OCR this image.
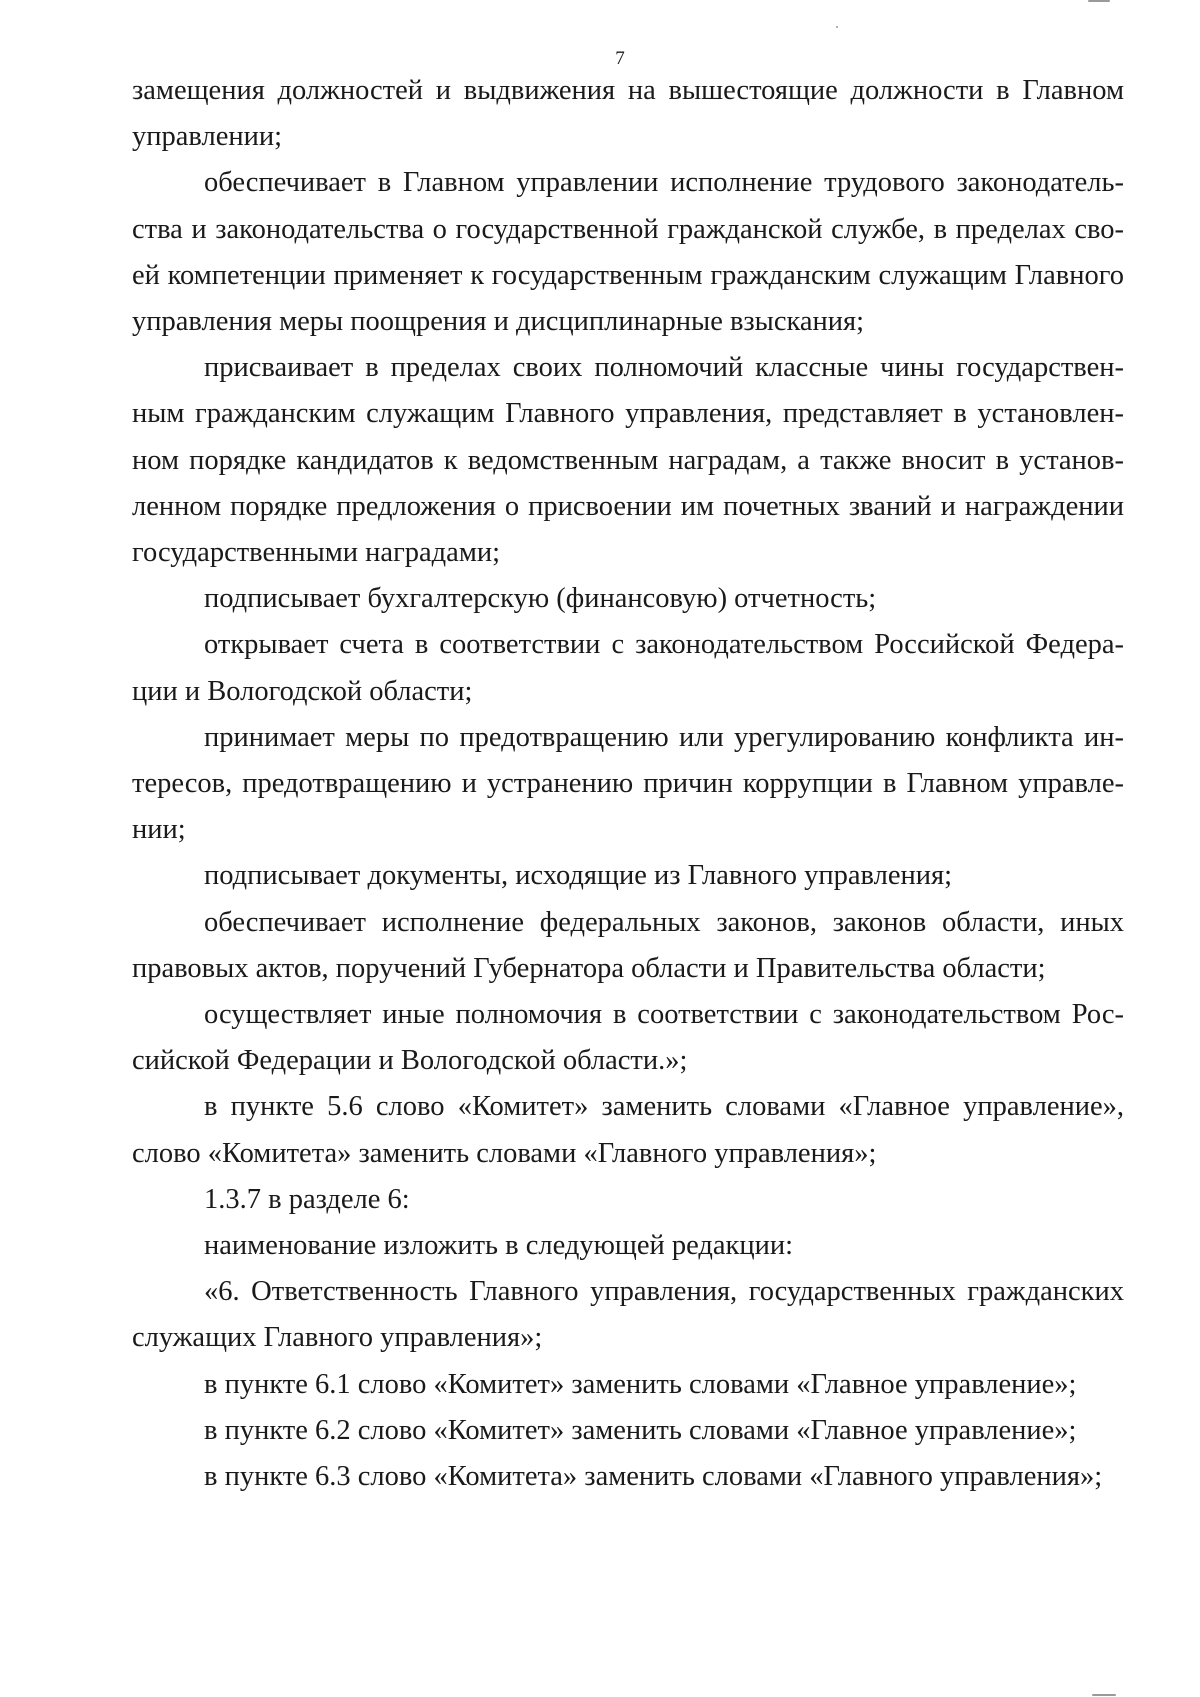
7

замещения должностей и выдвижения на вышестоящие должности в Главном управлении;

обеспечивает в Главном управлении исполнение трудового законодательства и законодательства о государственной гражданской службе, в пределах своей компетенции применяет к государственным гражданским служащим Главного управления меры поощрения и дисциплинарные взыскания;

присваивает в пределах своих полномочий классные чины государственным гражданским служащим Главного управления, представляет в установленном порядке кандидатов к ведомственным наградам, а также вносит в установленном порядке предложения о присвоении им почетных званий и награждении государственными наградами;

подписывает бухгалтерскую (финансовую) отчетность;

открывает счета в соответствии с законодательством Российской Федерации и Вологодской области;

принимает меры по предотвращению или урегулированию конфликта интересов, предотвращению и устранению причин коррупции в Главном управлении;

подписывает документы, исходящие из Главного управления;

обеспечивает исполнение федеральных законов, законов области, иных правовых актов, поручений Губернатора области и Правительства области;

осуществляет иные полномочия в соответствии с законодательством Российской Федерации и Вологодской области.»;

в пункте 5.6 слово «Комитет» заменить словами «Главное управление», слово «Комитета» заменить словами «Главного управления»;

1.3.7 в разделе 6:

наименование изложить в следующей редакции:

«6. Ответственность Главного управления, государственных гражданских служащих Главного управления»;

в пункте 6.1 слово «Комитет» заменить словами «Главное управление»;

в пункте 6.2 слово «Комитет» заменить словами «Главное управление»;

в пункте 6.3 слово «Комитета» заменить словами «Главного управления»;
